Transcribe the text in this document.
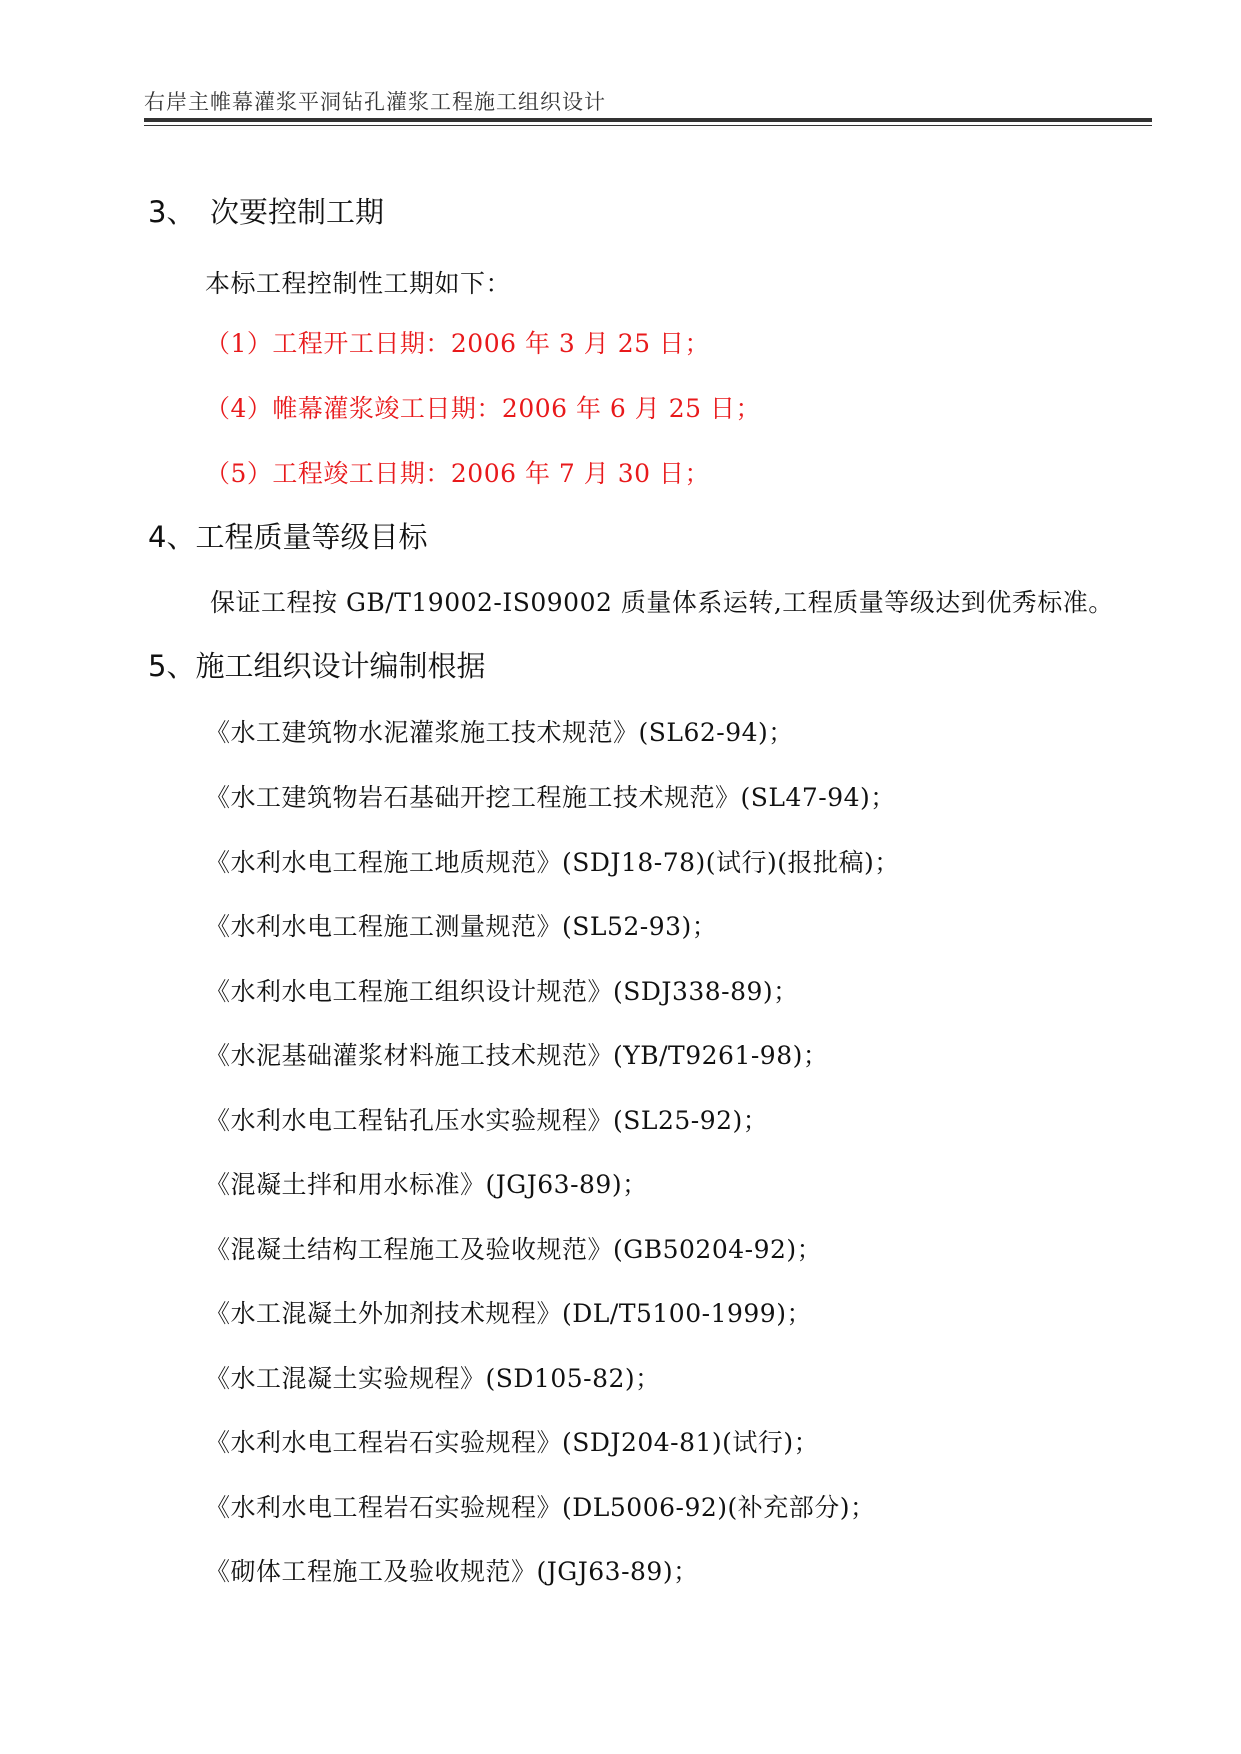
右岸主帷幕灌浆平洞钻孔灌浆工程施工组织设计
3、 次要控制工期
本标工程控制性工期如下：
（1）工程开工日期：2006 年 3 月 25 日；
（4）帷幕灌浆竣工日期：2006 年 6 月 25 日；
（5）工程竣工日期：2006 年 7 月 30 日；
4、工程质量等级目标
保证工程按 GB/T19002-IS09002 质量体系运转,工程质量等级达到优秀标准。
5、施工组织设计编制根据
《水工建筑物水泥灌浆施工技术规范》(SL62-94)；
《水工建筑物岩石基础开挖工程施工技术规范》(SL47-94)；
《水利水电工程施工地质规范》(SDJ18-78)(试行)(报批稿)；
《水利水电工程施工测量规范》(SL52-93)；
《水利水电工程施工组织设计规范》(SDJ338-89)；
《水泥基础灌浆材料施工技术规范》(YB/T9261-98)；
《水利水电工程钻孔压水实验规程》(SL25-92)；
《混凝土拌和用水标准》(JGJ63-89)；
《混凝土结构工程施工及验收规范》(GB50204-92)；
《水工混凝土外加剂技术规程》(DL/T5100-1999)；
《水工混凝土实验规程》(SD105-82)；
《水利水电工程岩石实验规程》(SDJ204-81)(试行)；
《水利水电工程岩石实验规程》(DL5006-92)(补充部分)；
《砌体工程施工及验收规范》(JGJ63-89)；
